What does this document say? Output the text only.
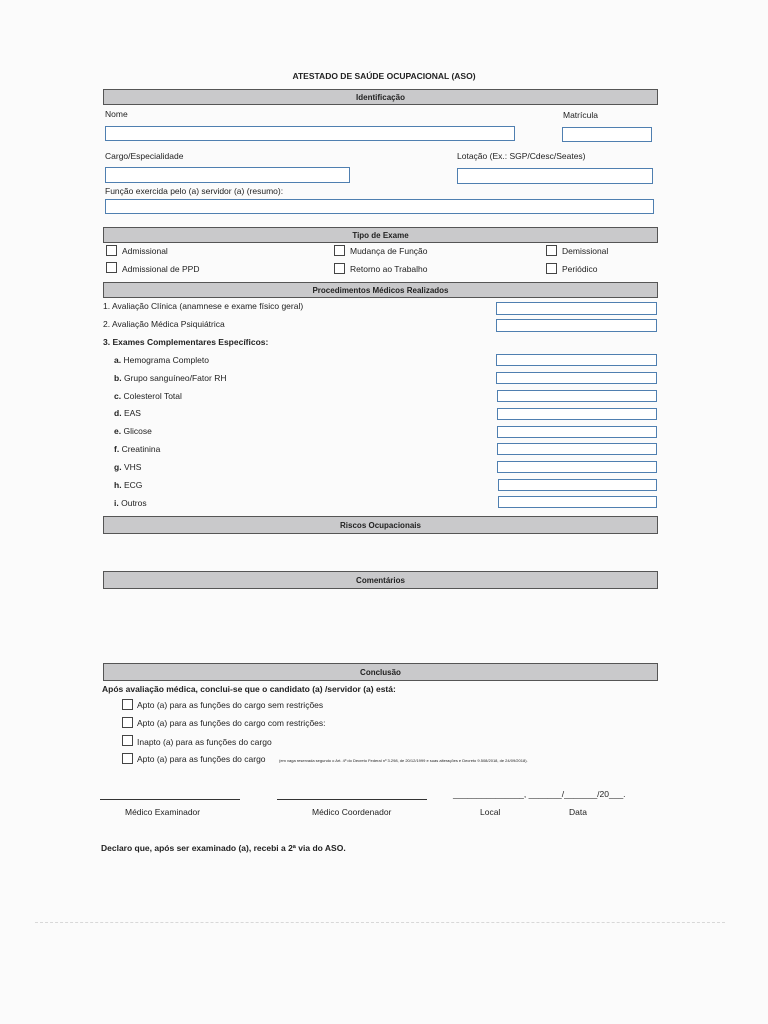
ATESTADO DE SAÚDE OCUPACIONAL (ASO)
Identificação
Nome	Matrícula
Cargo/Especialidade	Lotação (Ex.: SGP/Cdesc/Seates)
Função exercida pelo (a) servidor (a) (resumo):
Tipo de Exame
Admissional	Mudança de Função	Demissional
Admissional de PPD	Retorno ao Trabalho	Periódico
Procedimentos Médicos Realizados
1. Avaliação Clínica (anamnese e exame físico geral)
2. Avaliação Médica Psiquiátrica
3. Exames Complementares Específicos:
a. Hemograma Completo
b. Grupo sanguíneo/Fator RH
c. Colesterol Total
d. EAS
e. Glicose
f. Creatinina
g. VHS
h. ECG
i. Outros
Riscos Ocupacionais
Comentários
Conclusão
Após avaliação médica, conclui-se que o candidato (a) /servidor (a) está:
Apto (a) para as funções do cargo sem restrições
Apto (a) para as funções do cargo com restrições:
Inapto (a) para as funções do cargo
Apto (a) para as funções do cargo	(em vaga reservada segundo o Art. 4º do Decreto Federal nº 3.298, de 20/12/1999 e suas alterações e Decreto 9.508/2018, de 24/09/2018).
Médico Examinador	Médico Coordenador
_______________, _______/_______/20___.
Local	Data
Declaro que, após ser examinado (a), recebi a 2ª via do ASO.
